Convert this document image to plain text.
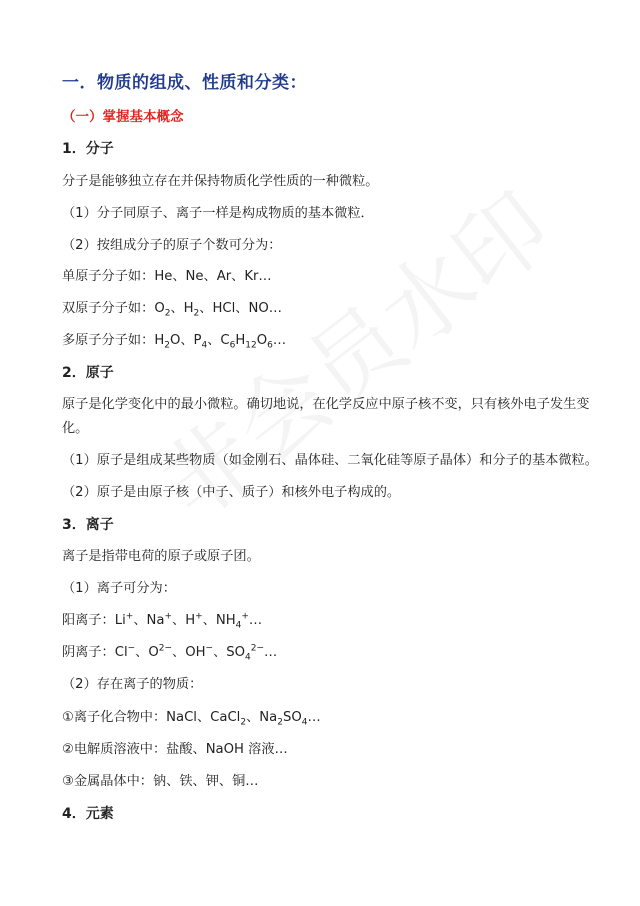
一．物质的组成、性质和分类：
（一）掌握基本概念
1．分子
分子是能够独立存在并保持物质化学性质的一种微粒。
（1）分子同原子、离子一样是构成物质的基本微粒．
（2）按组成分子的原子个数可分为：
单原子分子如：He、Ne、Ar、Kr…
双原子分子如：$O_2$、$H_2$、HCl、NO…
多原子分子如：$H_2O$、$P_4$、$C_6H_{12}O_6\dots$
2．原子
原子是化学变化中的最小微粒。确切地说，在化学反应中原子核不变，只有核外电子发生变化。
（1）原子是组成某些物质（如金刚石、晶体硅、二氧化硅等原子晶体）和分子的基本微粒。
（2）原子是由原子核（中子、质子）和核外电子构成的。
3．离子
离子是指带电荷的原子或原子团。
（1）离子可分为：
阳离子：Li+、Na+、H+、$NH_4^+\dots$
阴离子：Cl−、$O^{2-}$、OH−、$SO_4^{2-}\dots$
（2）存在离子的物质：
①离子化合物中：NaCl、CaCl$_2$、$Na_2SO_4\dots$
②电解质溶液中：盐酸、NaOH 溶液…
③金属晶体中：钠、铁、钾、铜…
4．元素
